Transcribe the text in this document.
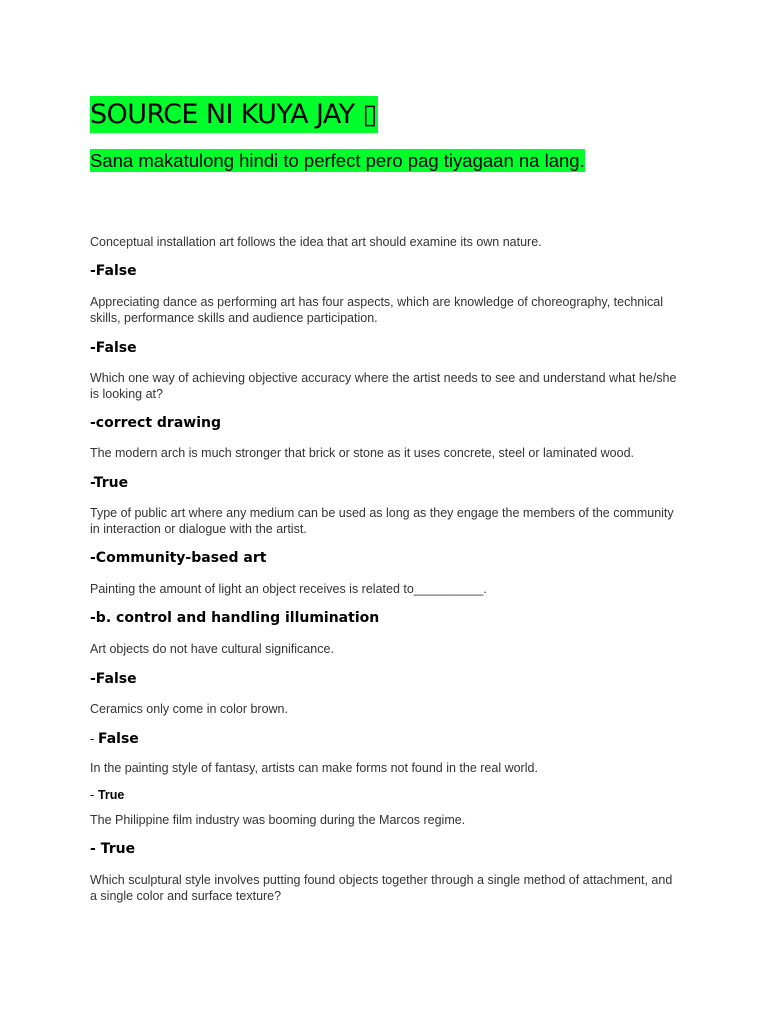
SOURCE NI KUYA JAY ▯
Sana makatulong hindi to perfect pero pag tiyagaan na lang.

Conceptual installation art follows the idea that art should examine its own nature.

-False

Appreciating dance as performing art has four aspects, which are knowledge of choreography, technical skills, performance skills and audience participation.

-False

Which one way of achieving objective accuracy where the artist needs to see and understand what he/she is looking at?

-correct drawing

The modern arch is much stronger that brick or stone as it uses concrete, steel or laminated wood.

-True

Type of public art where any medium can be used as long as they engage the members of the community in interaction or dialogue with the artist.

-Community-based art

Painting the amount of light an object receives is related to__________.

-b. control and handling illumination

Art objects do not have cultural significance.

-False

Ceramics only come in color brown.

- False

In the painting style of fantasy, artists can make forms not found in the real world.

- True

The Philippine film industry was booming during the Marcos regime.

- True

Which sculptural style involves putting found objects together through a single method of attachment, and a single color and surface texture?
